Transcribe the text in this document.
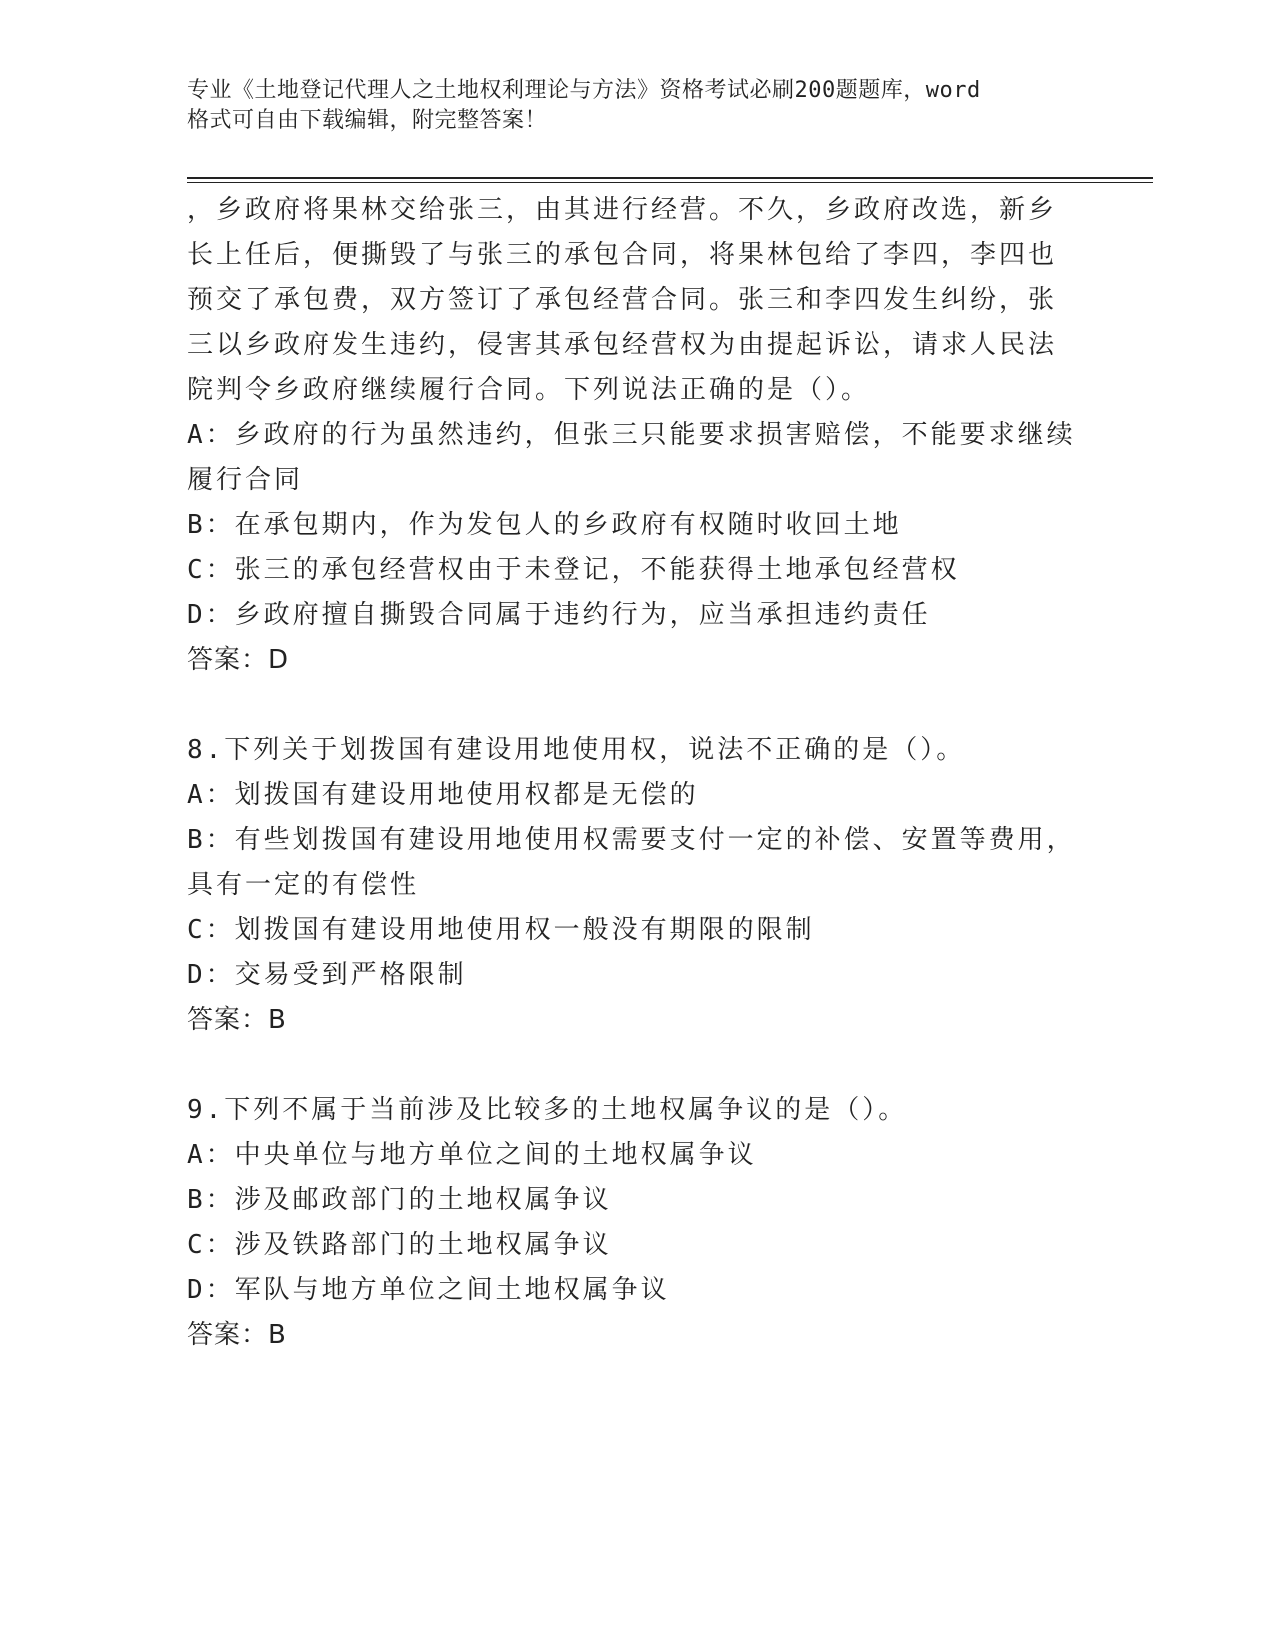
专业《土地登记代理人之土地权利理论与方法》资格考试必刷200题题库，word
格式可自由下载编辑，附完整答案！
，乡政府将果林交给张三，由其进行经营。不久，乡政府改选，新乡
长上任后，便撕毁了与张三的承包合同，将果林包给了李四，李四也
预交了承包费，双方签订了承包经营合同。张三和李四发生纠纷，张
三以乡政府发生违约，侵害其承包经营权为由提起诉讼，请求人民法
院判令乡政府继续履行合同。下列说法正确的是（）。
A：乡政府的行为虽然违约，但张三只能要求损害赔偿，不能要求继续
履行合同
B：在承包期内，作为发包人的乡政府有权随时收回土地
C：张三的承包经营权由于未登记，不能获得土地承包经营权
D：乡政府擅自撕毁合同属于违约行为，应当承担违约责任
答案：D
8.下列关于划拨国有建设用地使用权，说法不正确的是（）。
A：划拨国有建设用地使用权都是无偿的
B：有些划拨国有建设用地使用权需要支付一定的补偿、安置等费用，
具有一定的有偿性
C：划拨国有建设用地使用权一般没有期限的限制
D：交易受到严格限制
答案：B
9.下列不属于当前涉及比较多的土地权属争议的是（）。
A：中央单位与地方单位之间的土地权属争议
B：涉及邮政部门的土地权属争议
C：涉及铁路部门的土地权属争议
D：军队与地方单位之间土地权属争议
答案：B
